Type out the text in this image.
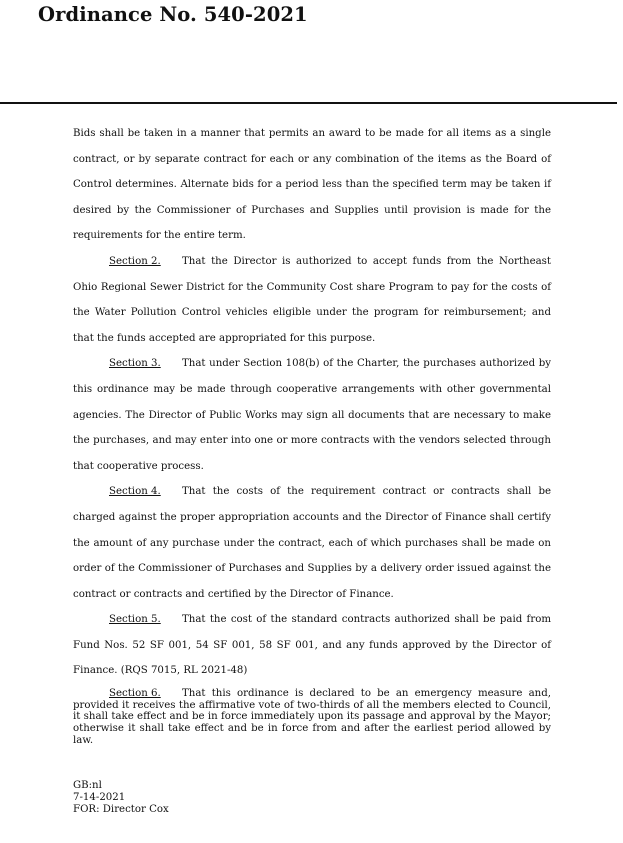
Ordinance No. 540-2021

Bids shall be taken in a manner that permits an award to be made for all items as a single contract, or by separate contract for each or any combination of the items as the Board of Control determines. Alternate bids for a period less than the specified term may be taken if desired by the Commissioner of Purchases and Supplies until provision is made for the requirements for the entire term.

Section 2. That the Director is authorized to accept funds from the Northeast Ohio Regional Sewer District for the Community Cost share Program to pay for the costs of the Water Pollution Control vehicles eligible under the program for reimbursement; and that the funds accepted are appropriated for this purpose.

Section 3. That under Section 108(b) of the Charter, the purchases authorized by this ordinance may be made through cooperative arrangements with other governmental agencies. The Director of Public Works may sign all documents that are necessary to make the purchases, and may enter into one or more contracts with the vendors selected through that cooperative process.

Section 4. That the costs of the requirement contract or contracts shall be charged against the proper appropriation accounts and the Director of Finance shall certify the amount of any purchase under the contract, each of which purchases shall be made on order of the Commissioner of Purchases and Supplies by a delivery order issued against the contract or contracts and certified by the Director of Finance.

Section 5. That the cost of the standard contracts authorized shall be paid from Fund Nos. 52 SF 001, 54 SF 001, 58 SF 001, and any funds approved by the Director of Finance. (RQS 7015, RL 2021-48)

Section 6. That this ordinance is declared to be an emergency measure and, provided it receives the affirmative vote of two-thirds of all the members elected to Council, it shall take effect and be in force immediately upon its passage and approval by the Mayor; otherwise it shall take effect and be in force from and after the earliest period allowed by law.

GB:nl
7-14-2021
FOR: Director Cox
